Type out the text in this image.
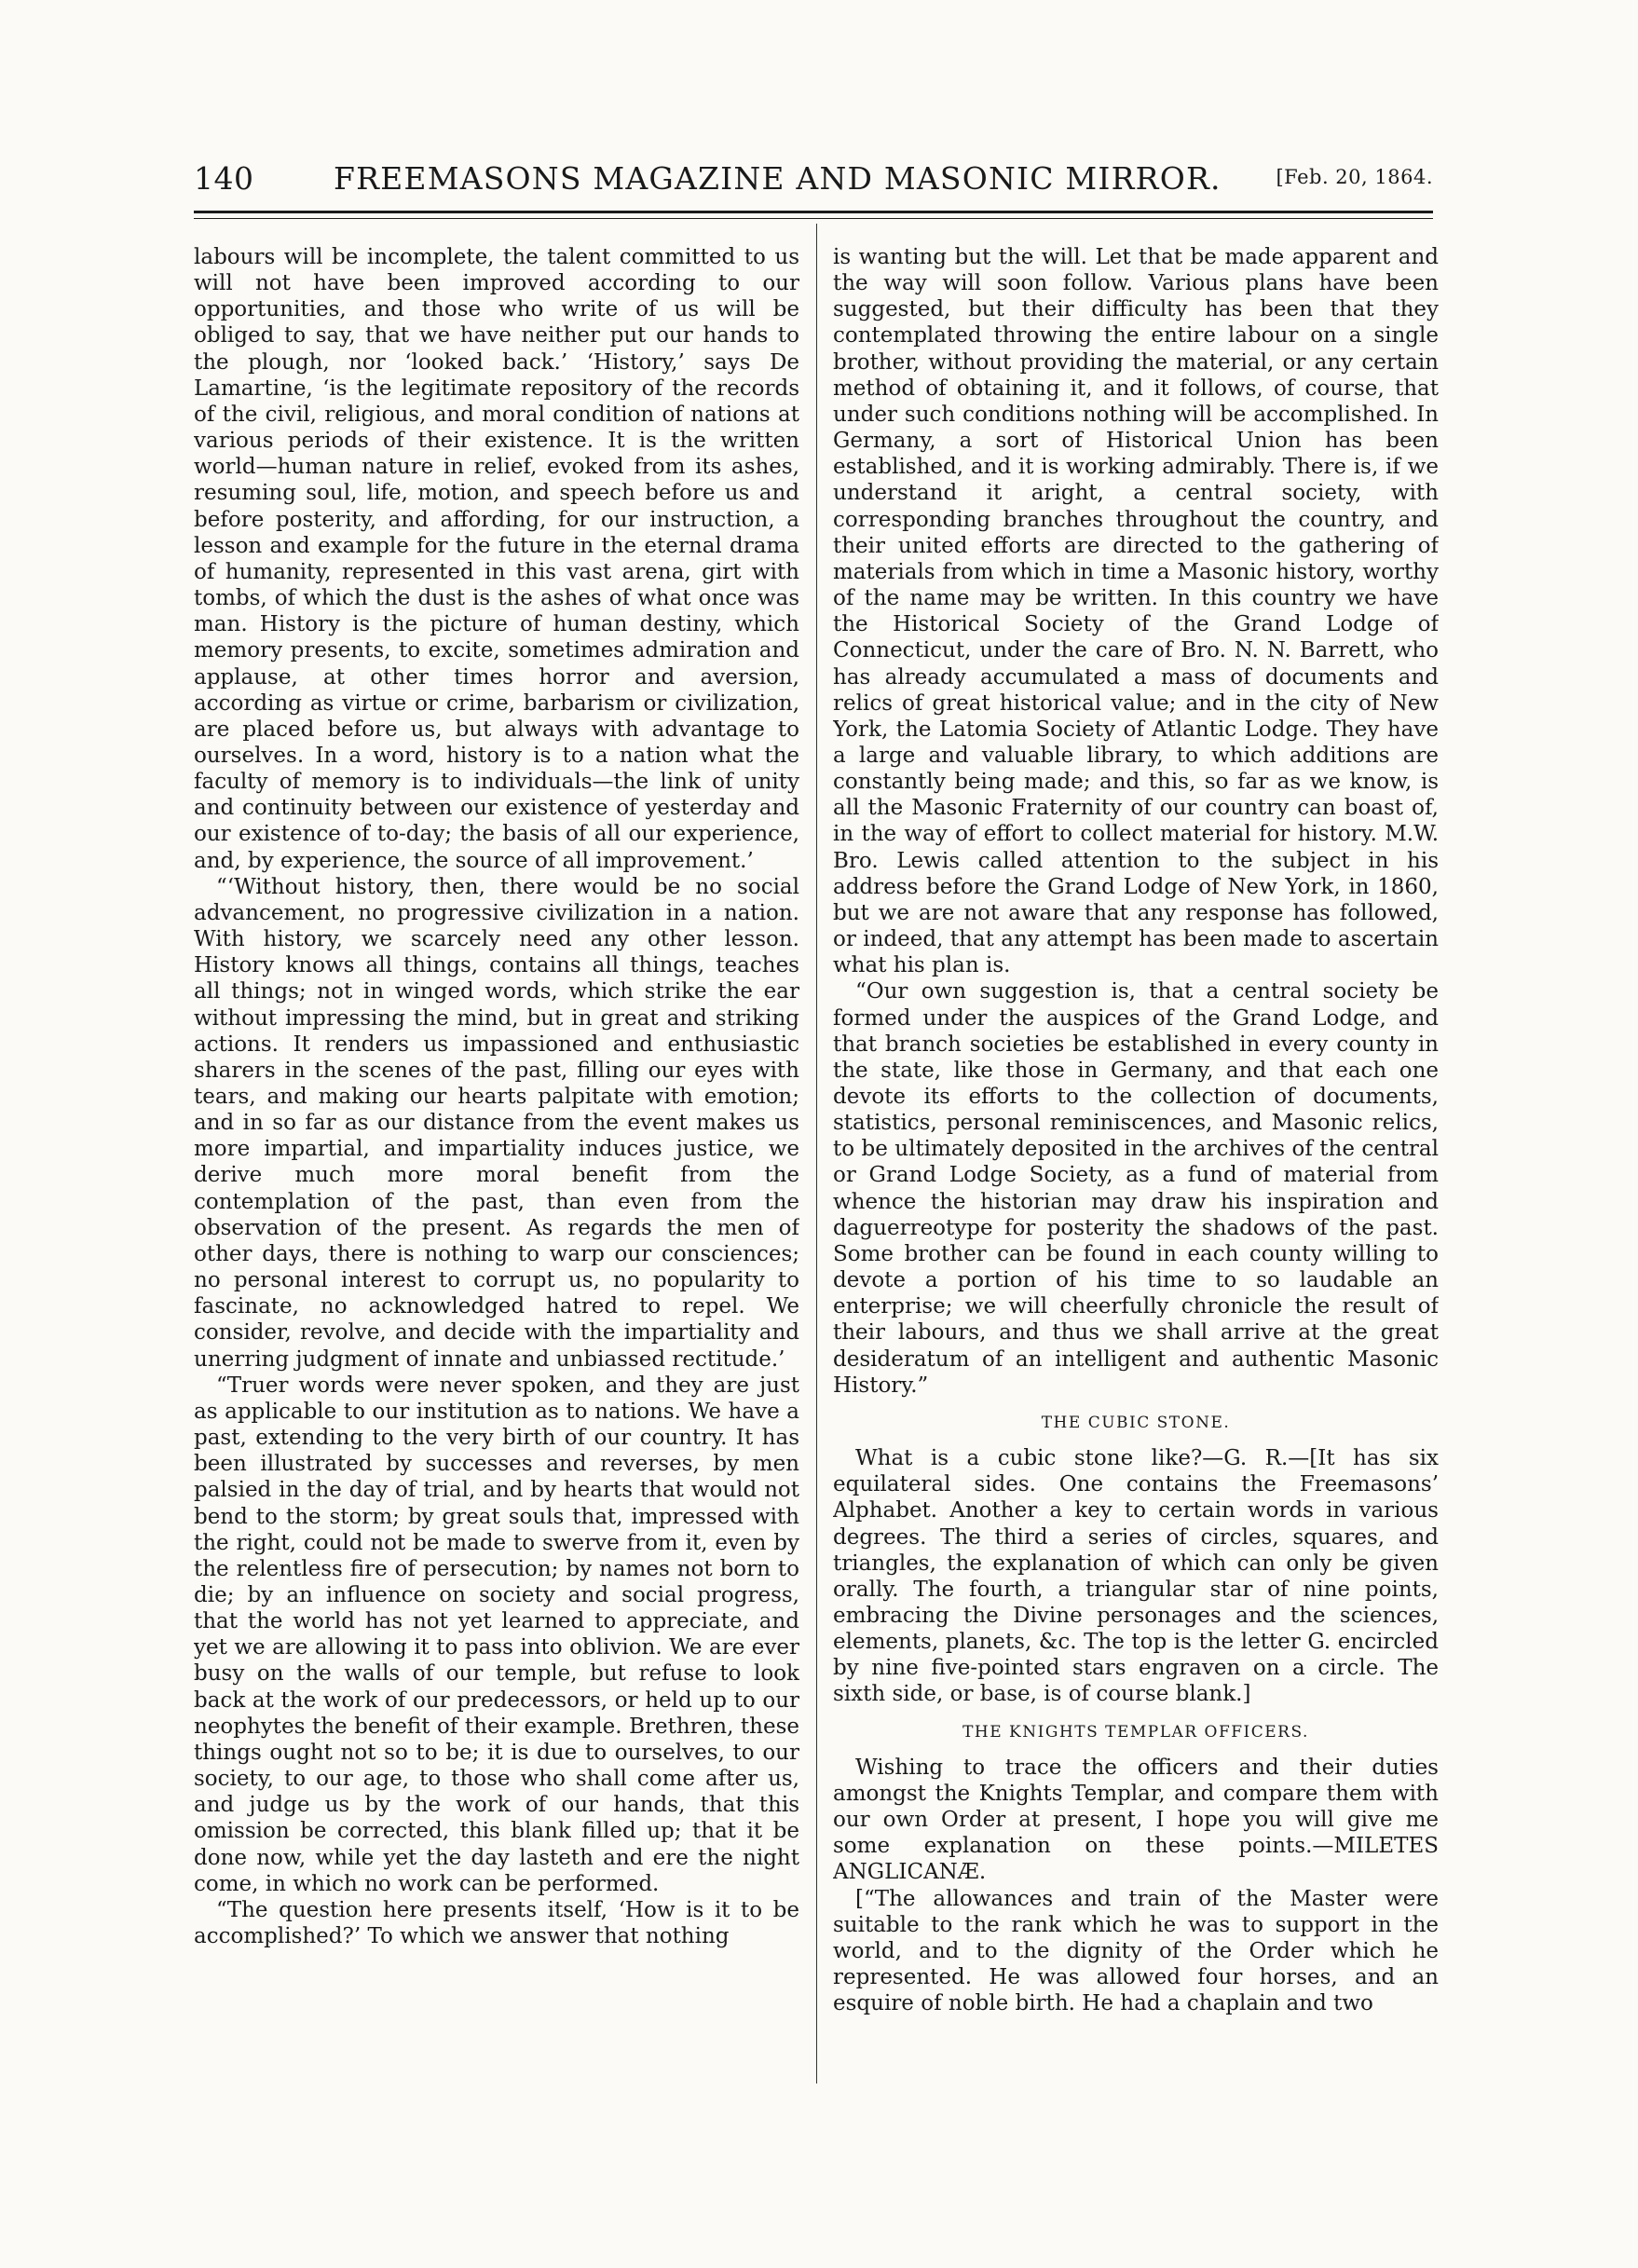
140	FREEMASONS MAGAZINE AND MASONIC MIRROR.	[Feb. 20, 1864.

labours will be incomplete, the talent committed to us will not have been improved according to our opportunities, and those who write of us will be obliged to say, that we have neither put our hands to the plough, nor ‘looked back.’ ‘History,’ says De Lamartine, ‘is the legitimate repository of the records of the civil, religious, and moral condition of nations at various periods of their existence. It is the written world—human nature in relief, evoked from its ashes, resuming soul, life, motion, and speech before us and before posterity, and affording, for our instruction, a lesson and example for the future in the eternal drama of humanity, represented in this vast arena, girt with tombs, of which the dust is the ashes of what once was man. History is the picture of human destiny, which memory presents, to excite, sometimes admiration and applause, at other times horror and aversion, according as virtue or crime, barbarism or civilization, are placed before us, but always with advantage to ourselves. In a word, history is to a nation what the faculty of memory is to individuals—the link of unity and continuity between our existence of yesterday and our existence of to-day; the basis of all our experience, and, by experience, the source of all improvement.’

“‘Without history, then, there would be no social advancement, no progressive civilization in a nation. With history, we scarcely need any other lesson. History knows all things, contains all things, teaches all things; not in winged words, which strike the ear without impressing the mind, but in great and striking actions. It renders us impassioned and enthusiastic sharers in the scenes of the past, filling our eyes with tears, and making our hearts palpitate with emotion; and in so far as our distance from the event makes us more impartial, and impartiality induces justice, we derive much more moral benefit from the contemplation of the past, than even from the observation of the present. As regards the men of other days, there is nothing to warp our consciences; no personal interest to corrupt us, no popularity to fascinate, no acknowledged hatred to repel. We consider, revolve, and decide with the impartiality and unerring judgment of innate and unbiassed rectitude.’

“Truer words were never spoken, and they are just as applicable to our institution as to nations. We have a past, extending to the very birth of our country. It has been illustrated by successes and reverses, by men palsied in the day of trial, and by hearts that would not bend to the storm; by great souls that, impressed with the right, could not be made to swerve from it, even by the relentless fire of persecution; by names not born to die; by an influence on society and social progress, that the world has not yet learned to appreciate, and yet we are allowing it to pass into oblivion. We are ever busy on the walls of our temple, but refuse to look back at the work of our predecessors, or held up to our neophytes the benefit of their example. Brethren, these things ought not so to be; it is due to ourselves, to our society, to our age, to those who shall come after us, and judge us by the work of our hands, that this omission be corrected, this blank filled up; that it be done now, while yet the day lasteth and ere the night come, in which no work can be performed.

“The question here presents itself, ‘How is it to be accomplished?’ To which we answer that nothing

is wanting but the will. Let that be made apparent and the way will soon follow. Various plans have been suggested, but their difficulty has been that they contemplated throwing the entire labour on a single brother, without providing the material, or any certain method of obtaining it, and it follows, of course, that under such conditions nothing will be accomplished. In Germany, a sort of Historical Union has been established, and it is working admirably. There is, if we understand it aright, a central society, with corresponding branches throughout the country, and their united efforts are directed to the gathering of materials from which in time a Masonic history, worthy of the name may be written. In this country we have the Historical Society of the Grand Lodge of Connecticut, under the care of Bro. N. N. Barrett, who has already accumulated a mass of documents and relics of great historical value; and in the city of New York, the Latomia Society of Atlantic Lodge. They have a large and valuable library, to which additions are constantly being made; and this, so far as we know, is all the Masonic Fraternity of our country can boast of, in the way of effort to collect material for history. M.W. Bro. Lewis called attention to the subject in his address before the Grand Lodge of New York, in 1860, but we are not aware that any response has followed, or indeed, that any attempt has been made to ascertain what his plan is.

“Our own suggestion is, that a central society be formed under the auspices of the Grand Lodge, and that branch societies be established in every county in the state, like those in Germany, and that each one devote its efforts to the collection of documents, statistics, personal reminiscences, and Masonic relics, to be ultimately deposited in the archives of the central or Grand Lodge Society, as a fund of material from whence the historian may draw his inspiration and daguerreotype for posterity the shadows of the past. Some brother can be found in each county willing to devote a portion of his time to so laudable an enterprise; we will cheerfully chronicle the result of their labours, and thus we shall arrive at the great desideratum of an intelligent and authentic Masonic History.”

THE CUBIC STONE.

What is a cubic stone like?—G. R.—[It has six equilateral sides. One contains the Freemasons’ Alphabet. Another a key to certain words in various degrees. The third a series of circles, squares, and triangles, the explanation of which can only be given orally. The fourth, a triangular star of nine points, embracing the Divine personages and the sciences, elements, planets, &c. The top is the letter G. encircled by nine five-pointed stars engraven on a circle. The sixth side, or base, is of course blank.]

THE KNIGHTS TEMPLAR OFFICERS.

Wishing to trace the officers and their duties amongst the Knights Templar, and compare them with our own Order at present, I hope you will give me some explanation on these points.—MILETES ANGLICANÆ.

[“The allowances and train of the Master were suitable to the rank which he was to support in the world, and to the dignity of the Order which he represented. He was allowed four horses, and an esquire of noble birth. He had a chaplain and two
